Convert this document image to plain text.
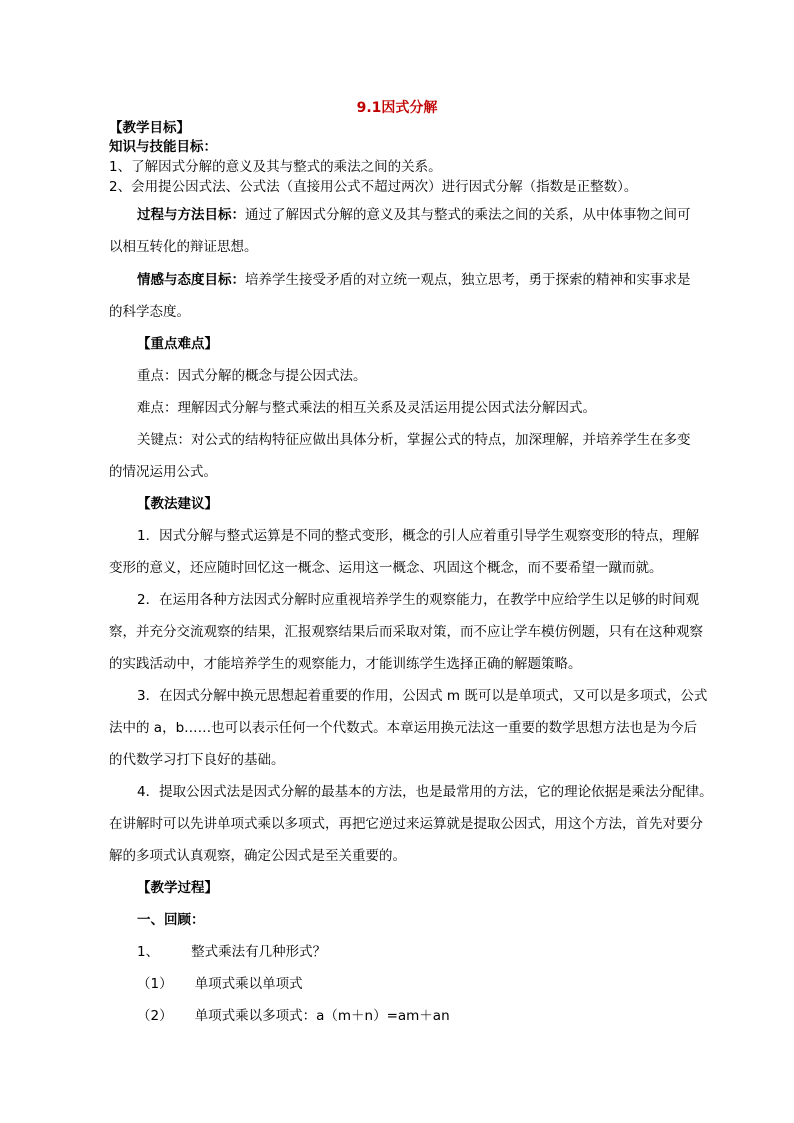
9.1因式分解

【教学目标】

知识与技能目标：

1、了解因式分解的意义及其与整式的乘法之间的关系。

2、会用提公因式法、公式法（直接用公式不超过两次）进行因式分解（指数是正整数）。

过程与方法目标：通过了解因式分解的意义及其与整式的乘法之间的关系，从中体事物之间可

以相互转化的辩证思想。

情感与态度目标：培养学生接受矛盾的对立统一观点，独立思考，勇于探索的精神和实事求是

的科学态度。

【重点难点】

重点：因式分解的概念与提公因式法。

难点：理解因式分解与整式乘法的相互关系及灵活运用提公因式法分解因式。

关键点：对公式的结构特征应做出具体分析，掌握公式的特点，加深理解，并培养学生在多变

的情况运用公式。

【教法建议】

1．因式分解与整式运算是不同的整式变形，概念的引人应着重引导学生观察变形的特点，理解

变形的意义，还应随时回忆这一概念、运用这一概念、巩固这个概念，而不要希望一蹴而就。

2．在运用各种方法因式分解时应重视培养学生的观察能力，在教学中应给学生以足够的时间观

察，并充分交流观察的结果，汇报观察结果后而采取对策，而不应让学车模仿例题，只有在这种观察

的实践活动中，才能培养学生的观察能力，才能训练学生选择正确的解题策略。

3．在因式分解中换元思想起着重要的作用，公因式 m 既可以是单项式，又可以是多项式，公式

法中的 a，b……也可以表示任何一个代数式。本章运用换元法这一重要的数学思想方法也是为今后

的代数学习打下良好的基础。

4．提取公因式法是因式分解的最基本的方法，也是最常用的方法，它的理论依据是乘法分配律。

在讲解时可以先讲单项式乘以多项式，再把它逆过来运算就是提取公因式，用这个方法，首先对要分

解的多项式认真观察，确定公因式是至关重要的。

【教学过程】

一、回顾：

1、 整式乘法有几种形式？

（1） 单项式乘以单项式

（2） 单项式乘以多项式：a（m＋n）=am＋an
